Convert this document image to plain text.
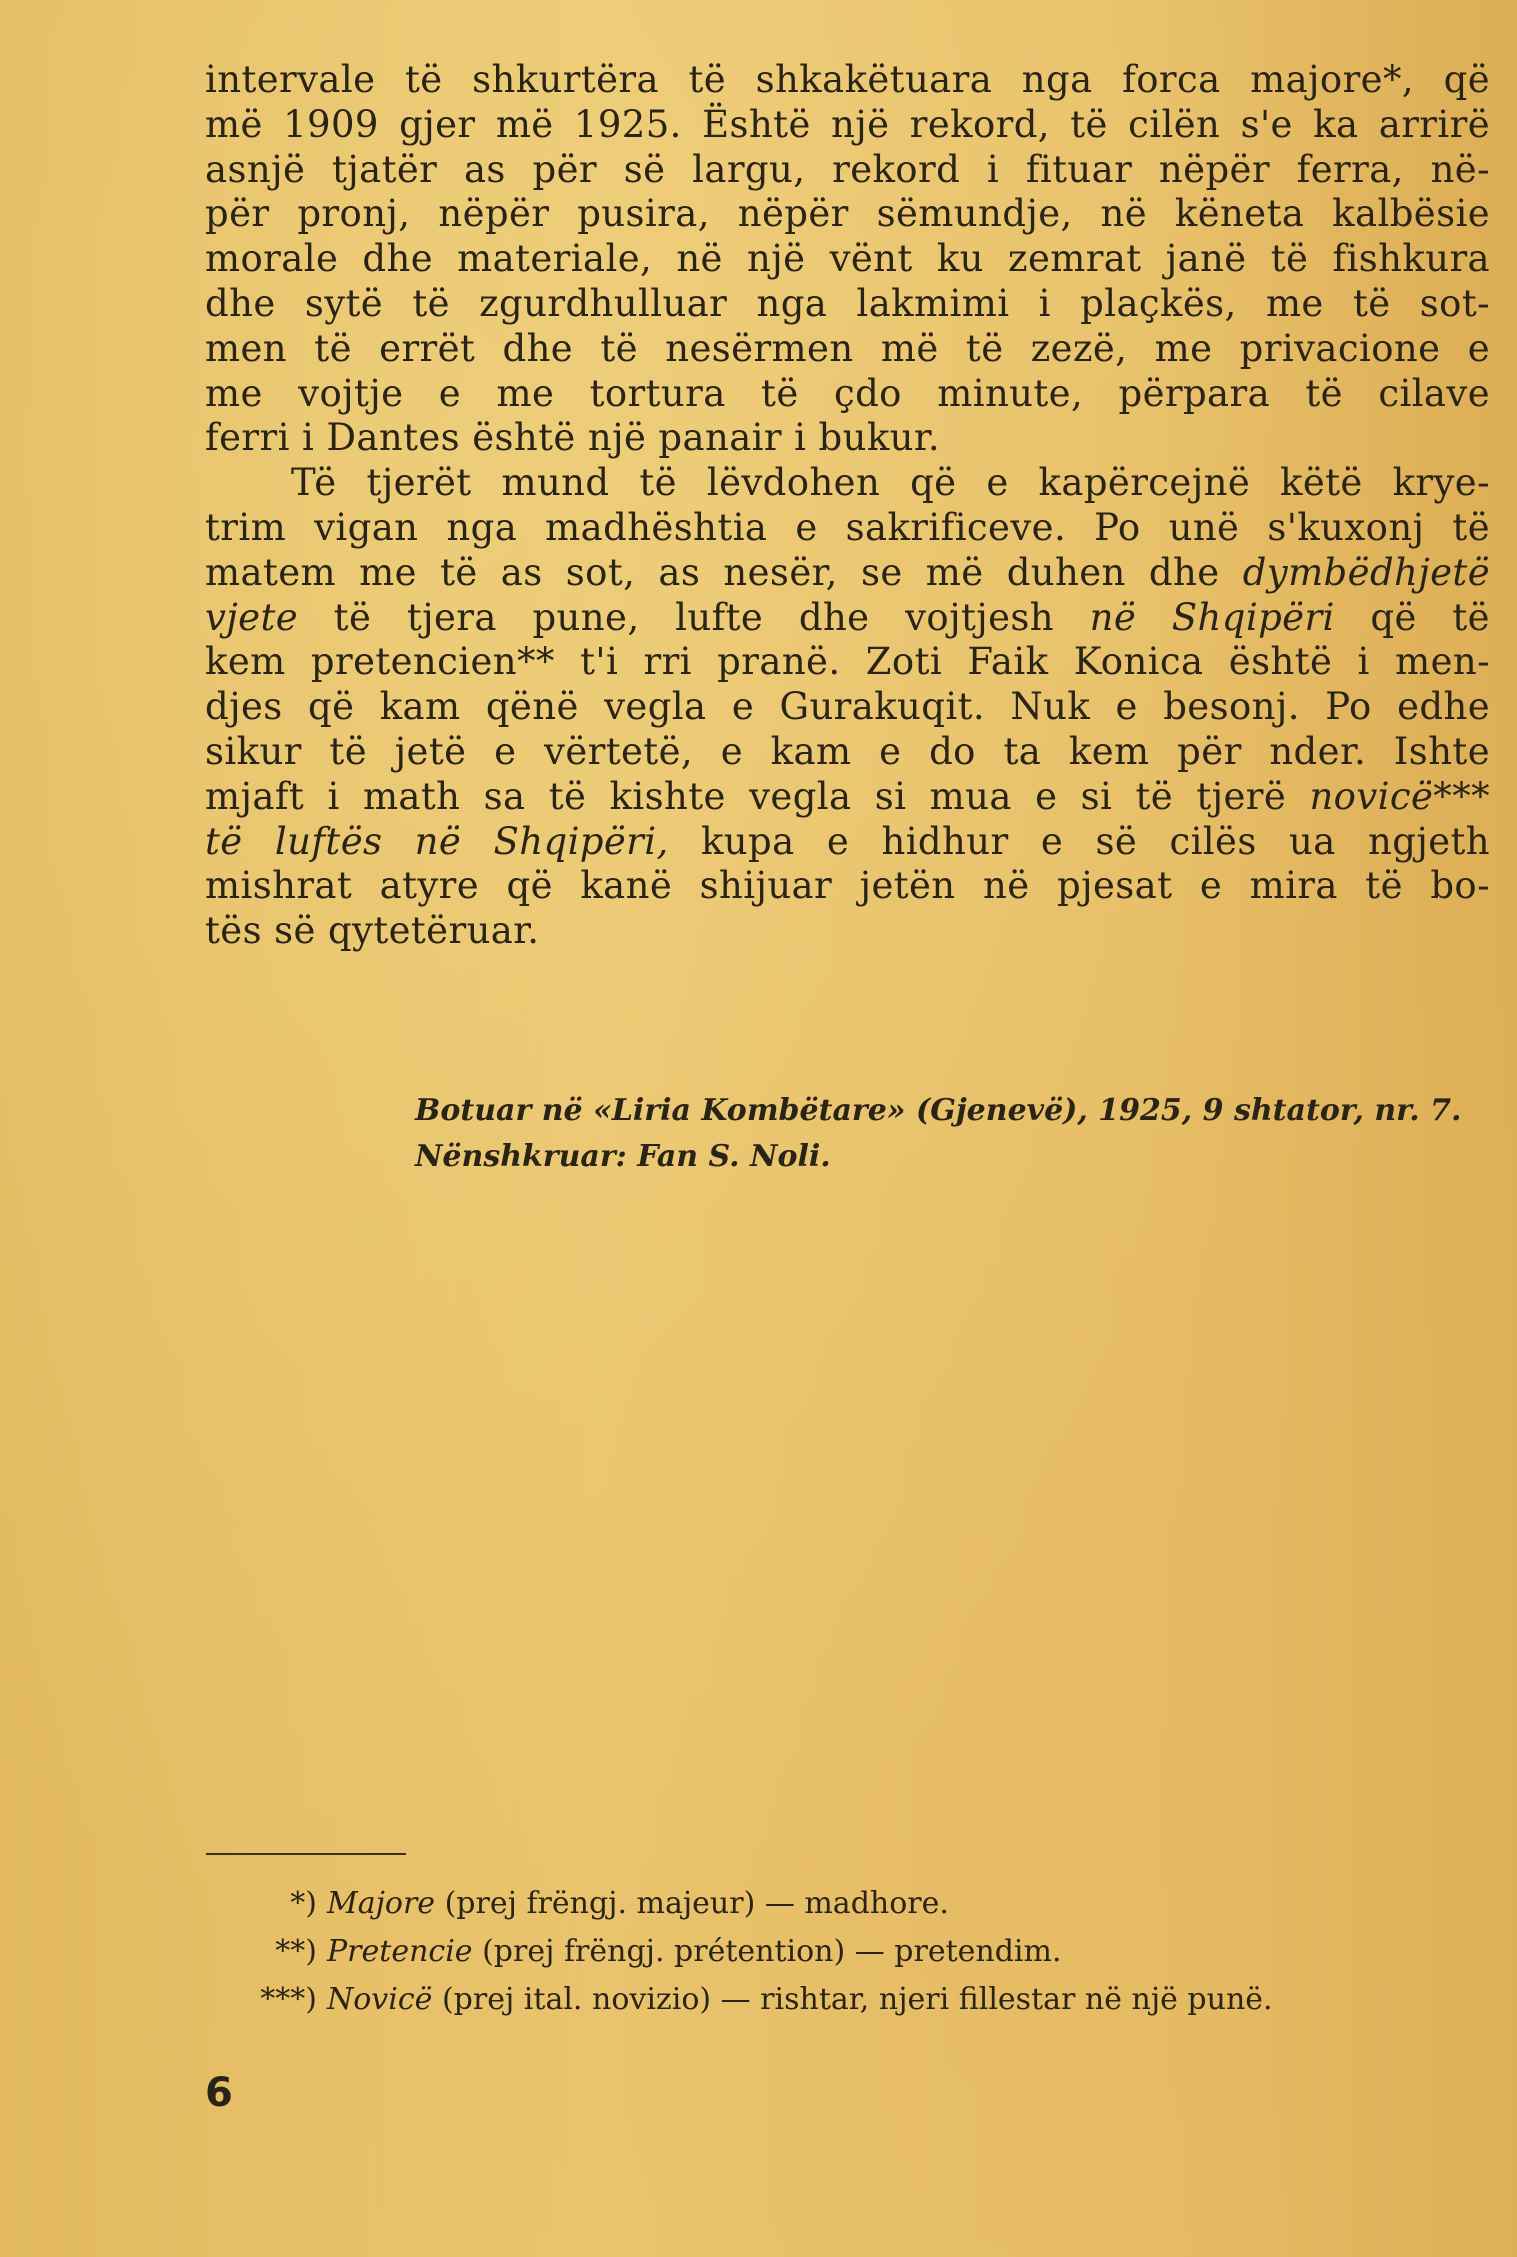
intervale të shkurtëra të shkakëtuara nga forca majore*, që
më 1909 gjer më 1925. Është një rekord, të cilën s'e ka arrirë
asnjë tjatër as për së largu, rekord i fituar nëpër ferra, në-
për pronj, nëpër pusira, nëpër sëmundje, në këneta kalbësie
morale dhe materiale, në një vënt ku zemrat janë të fishkura
dhe sytë të zgurdhulluar nga lakmimi i plaçkës, me të sot-
men të errët dhe të nesërmen më të zezë, me privacione e
me vojtje e me tortura të çdo minute, përpara të cilave
ferri i Dantes është një panair i bukur.
Të tjerët mund të lëvdohen që e kapërcejnë këtë krye-
trim vigan nga madhështia e sakrificeve. Po unë s'kuxonj të
matem me të as sot, as nesër, se më duhen dhe dymbëdhjetë
vjete të tjera pune, lufte dhe vojtjesh në Shqipëri që të
kem pretencien** t'i rri pranë. Zoti Faik Konica është i men-
djes që kam qënë vegla e Gurakuqit. Nuk e besonj. Po edhe
sikur të jetë e vërtetë, e kam e do ta kem për nder. Ishte
mjaft i math sa të kishte vegla si mua e si të tjerë novicë***
të luftës në Shqipëri, kupa e hidhur e së cilës ua ngjeth
mishrat atyre që kanë shijuar jetën në pjesat e mira të bo-
tës së qytetëruar.
Botuar në «Liria Kombëtare» (Gjenevë), 1925, 9 shtator, nr. 7.
Nënshkruar: Fan S. Noli.
*) Majore (prej frëngj. majeur) — madhore.
**) Pretencie (prej frëngj. prétention) — pretendim.
***) Novicë (prej ital. novizio) — rishtar, njeri fillestar në një punë.
6
